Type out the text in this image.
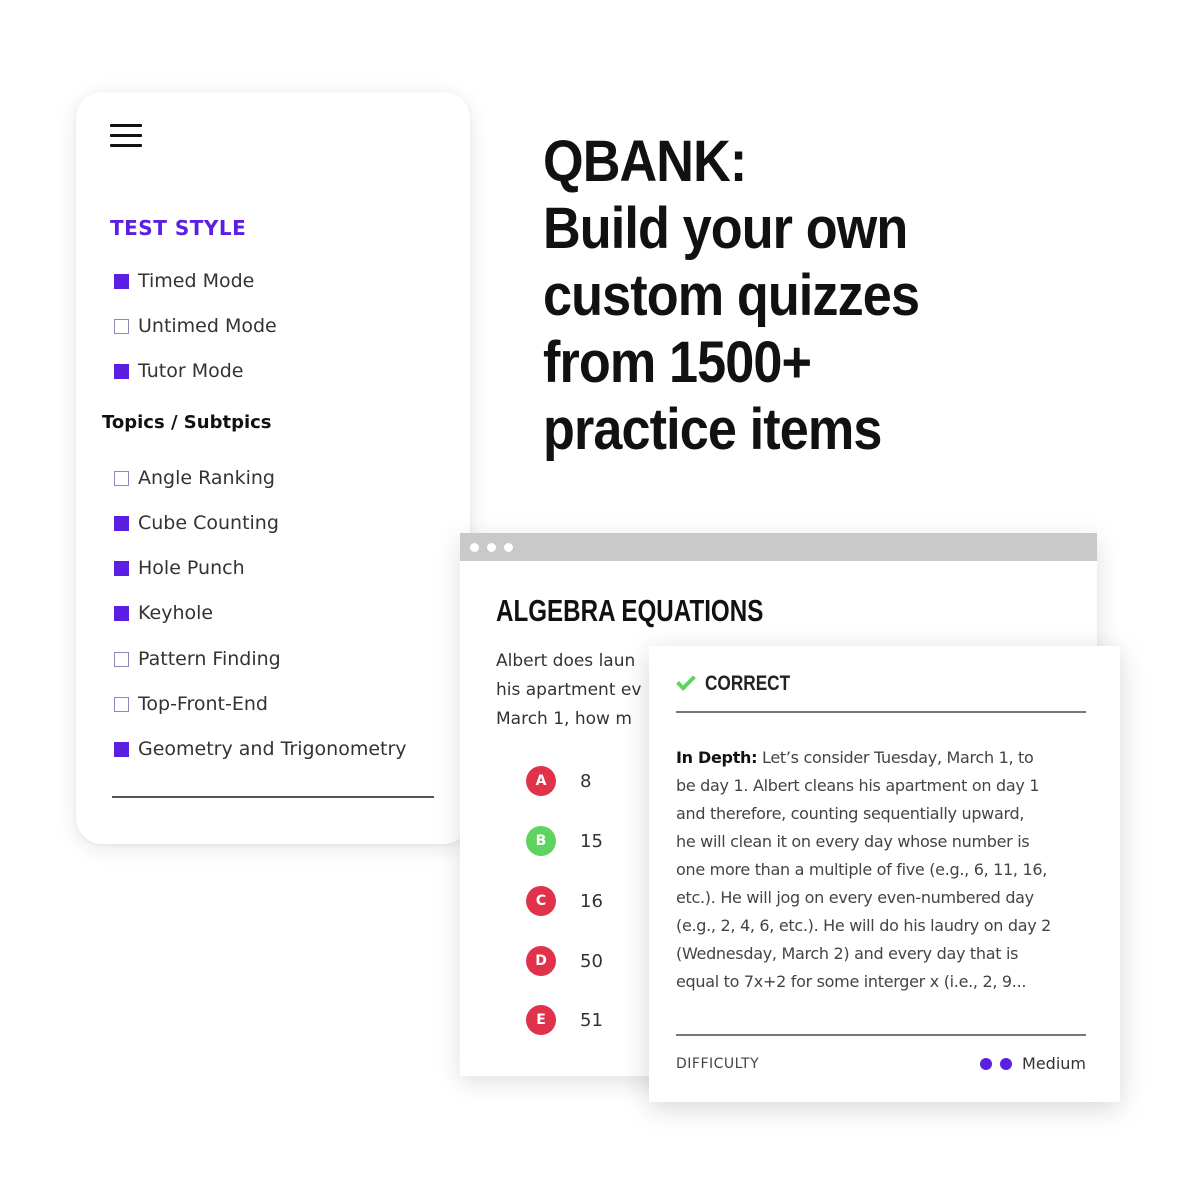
TEST STYLE
Timed Mode
Untimed Mode
Tutor Mode
Topics / Subtpics
Angle Ranking
Cube Counting
Hole Punch
Keyhole
Pattern Finding
Top-Front-End
Geometry and Trigonometry
QBANK:
Build your own
custom quizzes
from 1500+
practice items
ALGEBRA EQUATIONS
Albert does laun
his apartment ev
March 1, how m
A	8
B	15
C	16
D	50
E	51
CORRECT
In Depth: Let’s consider Tuesday, March 1, to
be day 1. Albert cleans his apartment on day 1
and therefore, counting sequentially upward,
he will clean it on every day whose number is
one more than a multiple of five (e.g., 6, 11, 16,
etc.). He will jog on every even-numbered day
(e.g., 2, 4, 6, etc.). He will do his laudry on day 2
(Wednesday, March 2) and every day that is
equal to 7x+2 for some interger x (i.e., 2, 9...
DIFFICULTY	Medium
